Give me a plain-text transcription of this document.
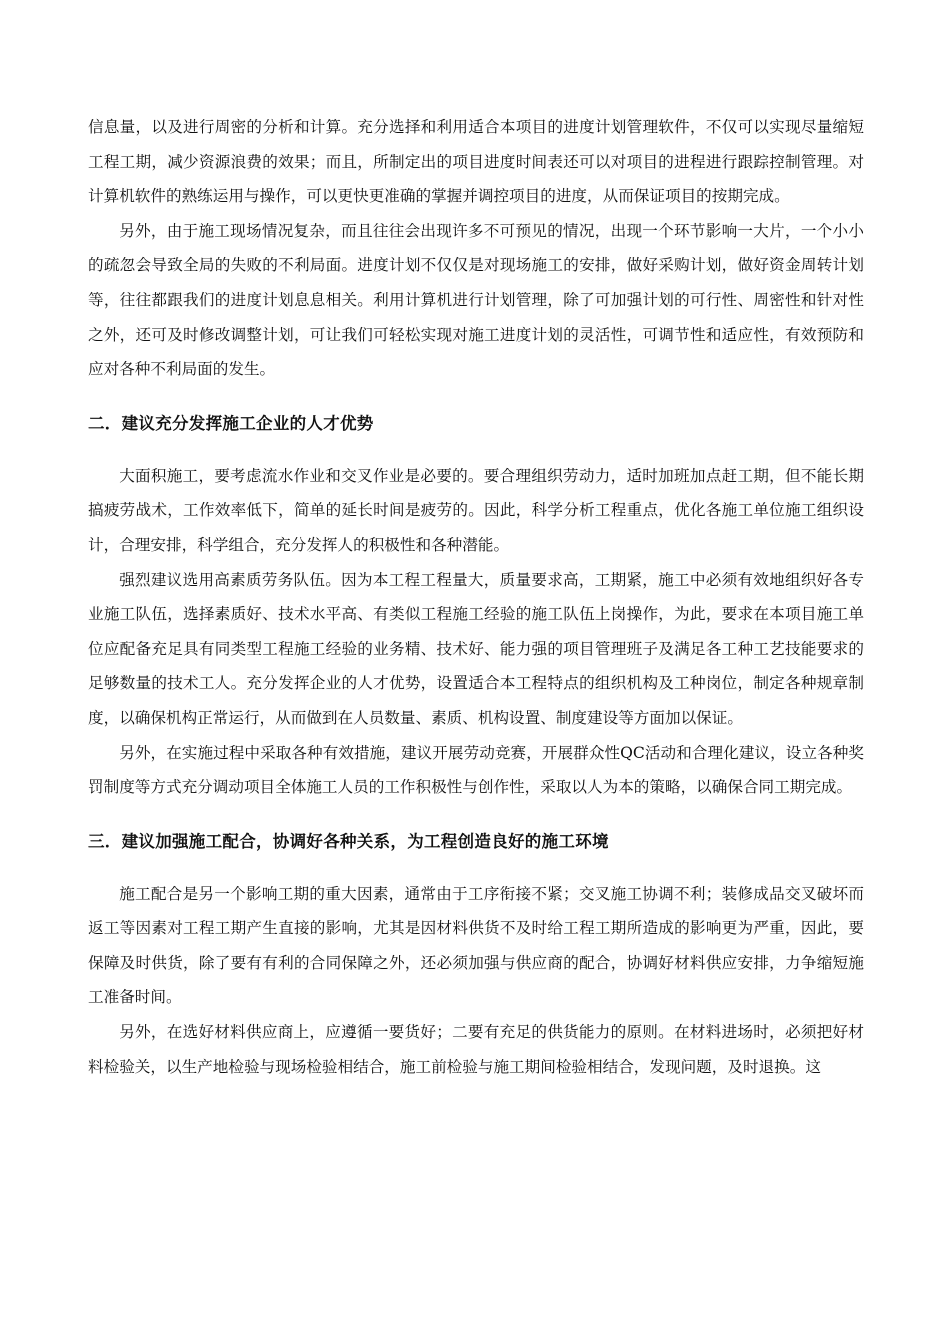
信息量，以及进行周密的分析和计算。充分选择和利用适合本项目的进度计划管理软件，不仅可以实现尽量缩短工程工期，减少资源浪费的效果；而且，所制定出的项目进度时间表还可以对项目的进程进行跟踪控制管理。对计算机软件的熟练运用与操作，可以更快更准确的掌握并调控项目的进度，从而保证项目的按期完成。

另外，由于施工现场情况复杂，而且往往会出现许多不可预见的情况，出现一个环节影响一大片，一个小小的疏忽会导致全局的失败的不利局面。进度计划不仅仅是对现场施工的安排，做好采购计划，做好资金周转计划等，往往都跟我们的进度计划息息相关。利用计算机进行计划管理，除了可加强计划的可行性、周密性和针对性之外，还可及时修改调整计划，可让我们可轻松实现对施工进度计划的灵活性，可调节性和适应性，有效预防和应对各种不利局面的发生。

二．建议充分发挥施工企业的人才优势

大面积施工，要考虑流水作业和交叉作业是必要的。要合理组织劳动力，适时加班加点赶工期，但不能长期搞疲劳战术，工作效率低下，简单的延长时间是疲劳的。因此，科学分析工程重点，优化各施工单位施工组织设计，合理安排，科学组合，充分发挥人的积极性和各种潜能。

强烈建议选用高素质劳务队伍。因为本工程工程量大，质量要求高，工期紧，施工中必须有效地组织好各专业施工队伍，选择素质好、技术水平高、有类似工程施工经验的施工队伍上岗操作，为此，要求在本项目施工单位应配备充足具有同类型工程施工经验的业务精、技术好、能力强的项目管理班子及满足各工种工艺技能要求的足够数量的技术工人。充分发挥企业的人才优势，设置适合本工程特点的组织机构及工种岗位，制定各种规章制度，以确保机构正常运行，从而做到在人员数量、素质、机构设置、制度建设等方面加以保证。

另外，在实施过程中采取各种有效措施，建议开展劳动竞赛，开展群众性QC活动和合理化建议，设立各种奖罚制度等方式充分调动项目全体施工人员的工作积极性与创作性，采取以人为本的策略，以确保合同工期完成。

三．建议加强施工配合，协调好各种关系，为工程创造良好的施工环境

施工配合是另一个影响工期的重大因素，通常由于工序衔接不紧；交叉施工协调不利；装修成品交叉破坏而返工等因素对工程工期产生直接的影响，尤其是因材料供货不及时给工程工期所造成的影响更为严重，因此，要保障及时供货，除了要有有利的合同保障之外，还必须加强与供应商的配合，协调好材料供应安排，力争缩短施工准备时间。

另外，在选好材料供应商上，应遵循一要货好；二要有充足的供货能力的原则。在材料进场时，必须把好材料检验关，以生产地检验与现场检验相结合，施工前检验与施工期间检验相结合，发现问题，及时退换。这
